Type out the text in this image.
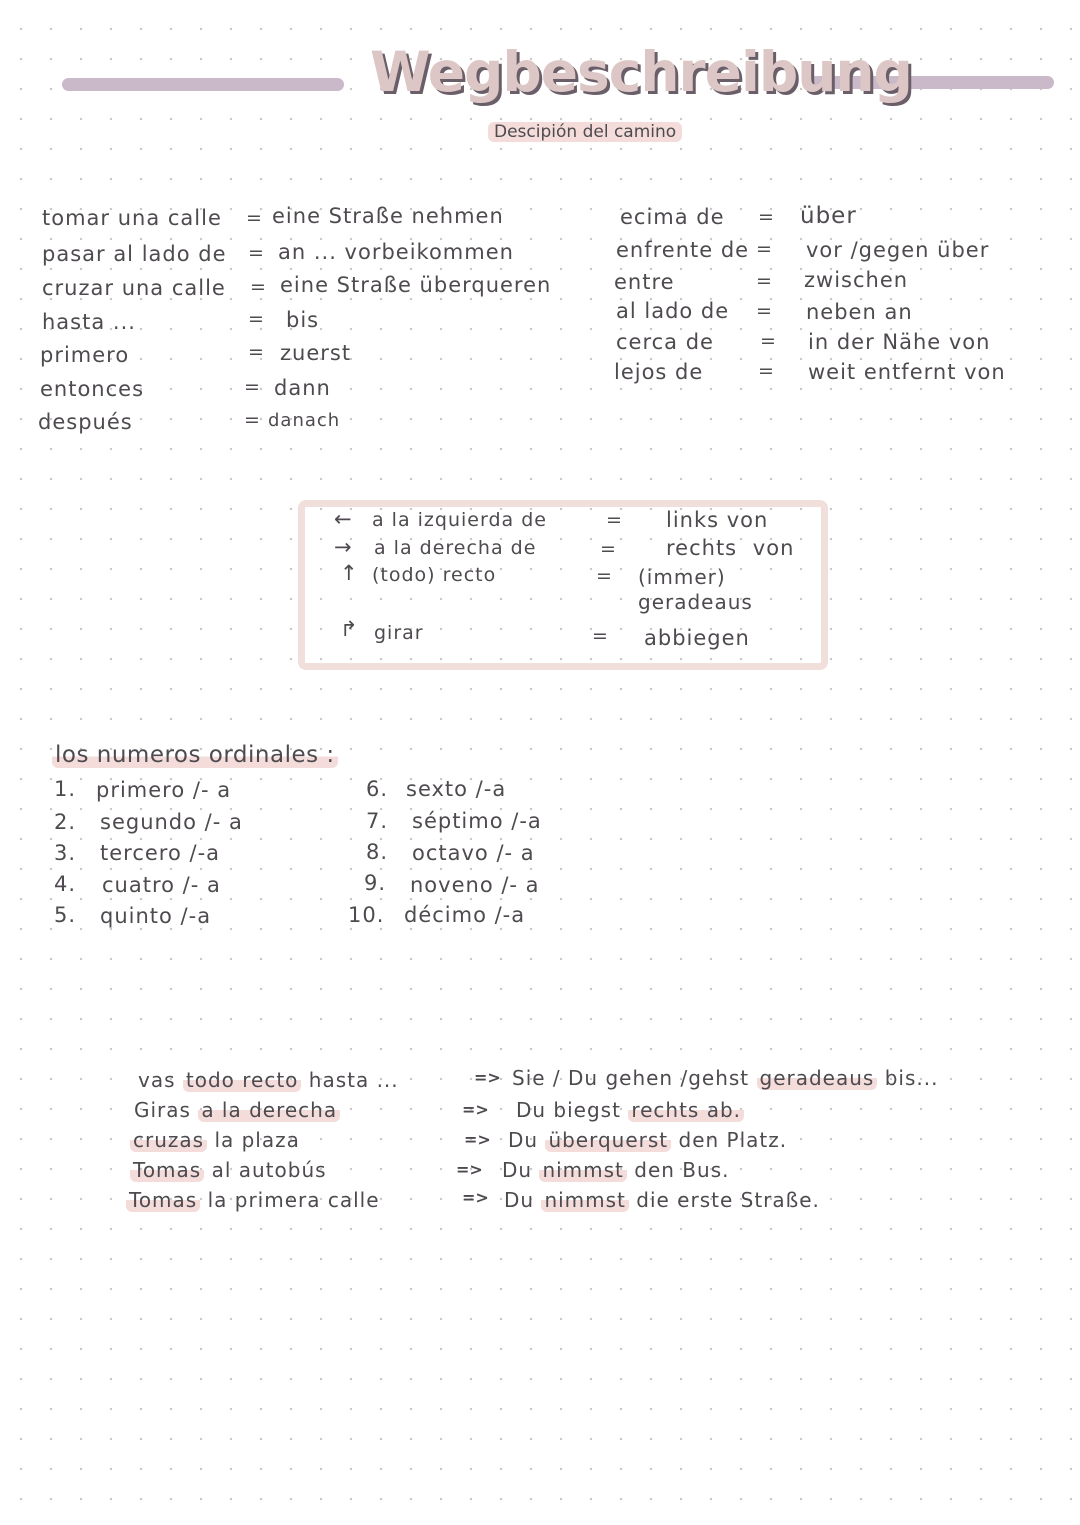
Wegbeschreibung
Descipión del camino
tomar una calle = eine Straße nehmen
pasar al lado de = an ... vorbeikommen
cruzar una calle = eine Straße überqueren
hasta ...	= bis
primero	= zuerst
entonces	= dann
después	= danach
ecima de = über
enfrente de = vor /gegen über
entre	= zwischen
al lado de = neben an
cerca de = in der Nähe von
lejos de	= weit entfernt von
← a la izquierda de	= links von
→ a la derecha de	= rechts von
↑ (todo) recto	= (immer) geradeaus
↱ girar	= abbiegen
los numeros ordinales :
1. primero /- a
2. segundo /- a
3. tercero /-a
4. cuatro /- a
5. quinto /-a
6. sexto /-a
7. séptimo /-a
8. octavo /- a
9. noveno /- a
10. décimo /-a
vas todo recto hasta ...	=> Sie / Du gehen /gehst geradeaus bis...
Giras a la derecha	=> Du biegst rechts ab.
cruzas la plaza	=> Du überquerst den Platz.
Tomas al autobús	=> Du nimmst den Bus.
Tomas la primera calle	=> Du nimmst die erste Straße.
